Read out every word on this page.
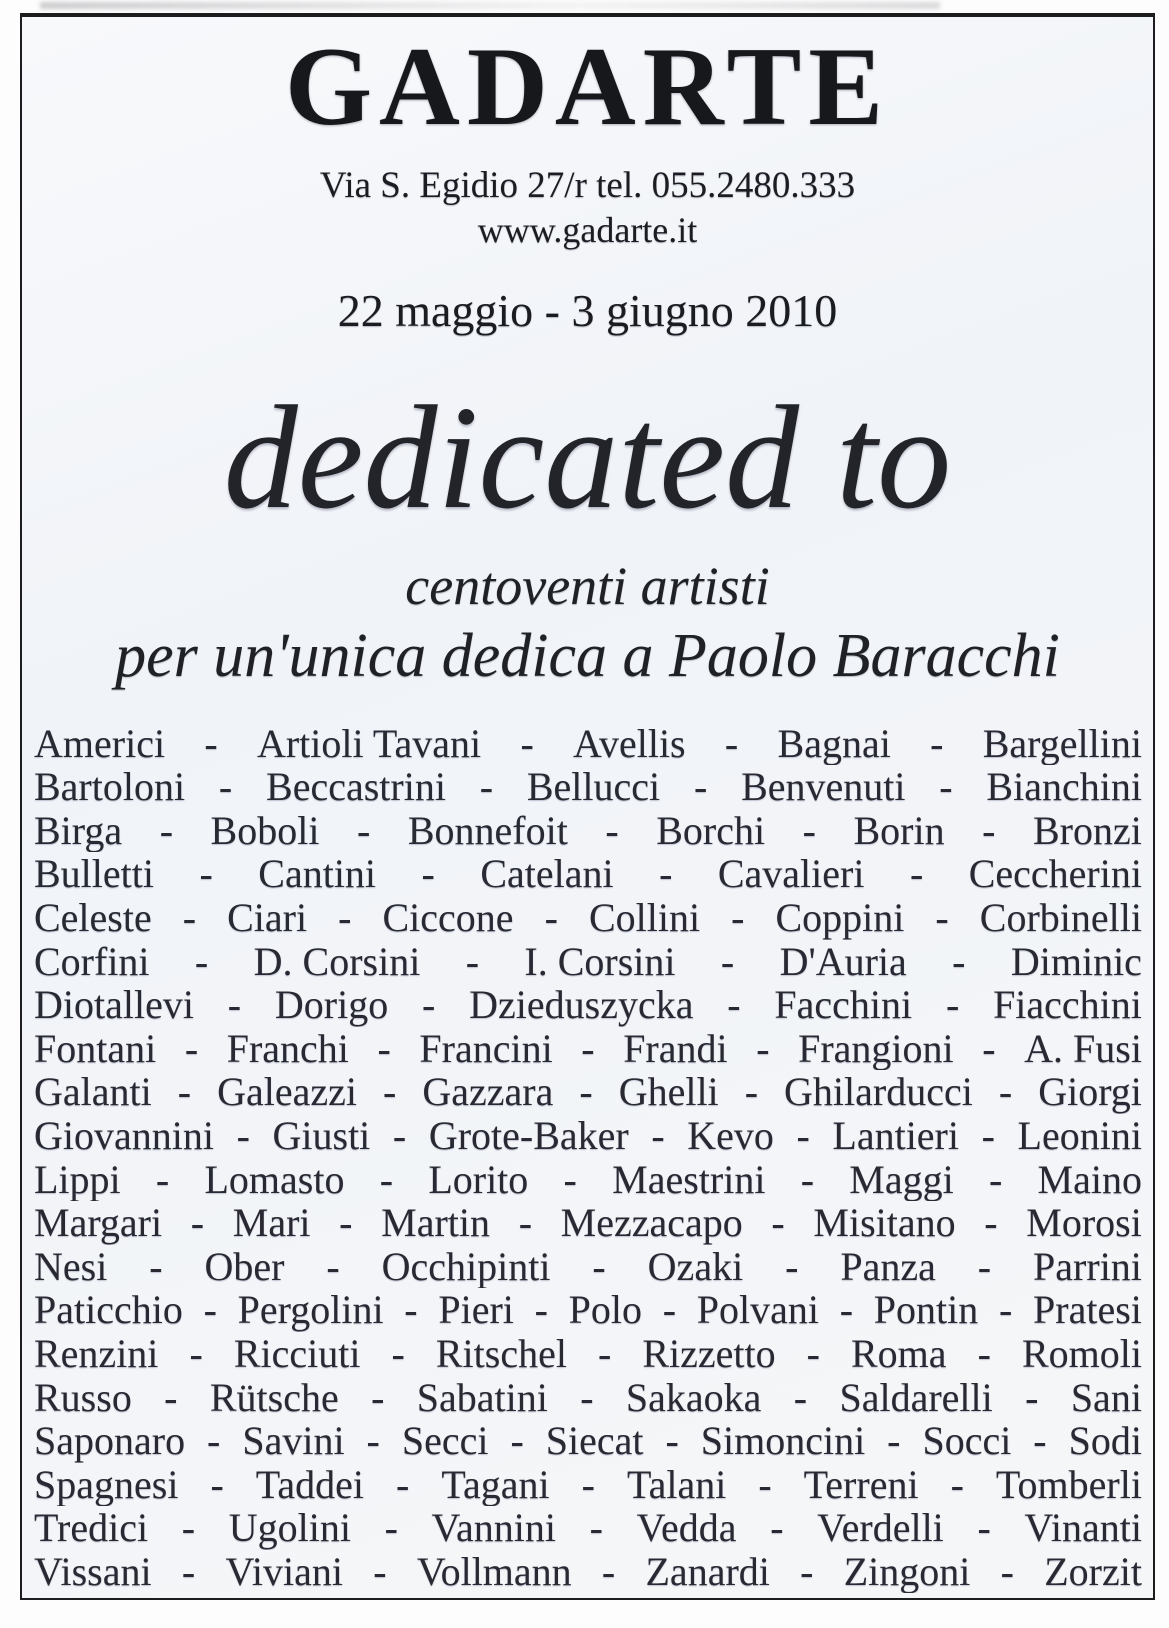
GADARTE
Via S. Egidio 27/r tel. 055.2480.333
www.gadarte.it
22 maggio - 3 giugno 2010
dedicated to
centoventi artisti
per un'unica dedica a Paolo Baracchi
Americi - Artioli Tavani - Avellis - Bagnai - Bargellini
Bartoloni - Beccastrini - Bellucci - Benvenuti - Bianchini
Birga - Boboli - Bonnefoit - Borchi - Borin - Bronzi
Bulletti - Cantini - Catelani - Cavalieri - Ceccherini
Celeste - Ciari - Ciccone - Collini - Coppini - Corbinelli
Corfini - D. Corsini - I. Corsini - D'Auria - Diminic
Diotallevi - Dorigo - Dzieduszycka - Facchini - Fiacchini
Fontani - Franchi - Francini - Frandi - Frangioni - A. Fusi
Galanti - Galeazzi - Gazzara - Ghelli - Ghilarducci - Giorgi
Giovannini - Giusti - Grote-Baker - Kevo - Lantieri - Leonini
Lippi - Lomasto - Lorito - Maestrini - Maggi - Maino
Margari - Mari - Martin - Mezzacapo - Misitano - Morosi
Nesi - Ober - Occhipinti - Ozaki - Panza - Parrini
Paticchio - Pergolini - Pieri - Polo - Polvani - Pontin - Pratesi
Renzini - Ricciuti - Ritschel - Rizzetto - Roma - Romoli
Russo - Rütsche - Sabatini - Sakaoka - Saldarelli - Sani
Saponaro - Savini - Secci - Siecat - Simoncini - Socci - Sodi
Spagnesi - Taddei - Tagani - Talani - Terreni - Tomberli
Tredici - Ugolini - Vannini - Vedda - Verdelli - Vinanti
Vissani - Viviani - Vollmann - Zanardi - Zingoni - Zorzit
